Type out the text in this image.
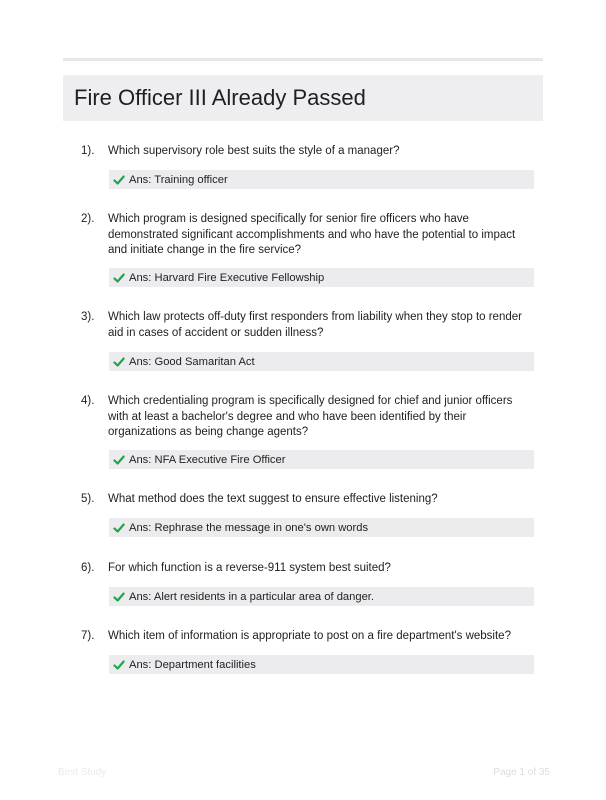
Fire Officer III Already Passed
1). Which supervisory role best suits the style of a manager?
Ans: Training officer
2). Which program is designed specifically for senior fire officers who have demonstrated significant accomplishments and who have the potential to impact and initiate change in the fire service?
Ans: Harvard Fire Executive Fellowship
3). Which law protects off-duty first responders from liability when they stop to render aid in cases of accident or sudden illness?
Ans: Good Samaritan Act
4). Which credentialing program is specifically designed for chief and junior officers with at least a bachelor's degree and who have been identified by their organizations as being change agents?
Ans: NFA Executive Fire Officer
5). What method does the text suggest to ensure effective listening?
Ans: Rephrase the message in one's own words
6). For which function is a reverse-911 system best suited?
Ans: Alert residents in a particular area of danger.
7). Which item of information is appropriate to post on a fire department's website?
Ans: Department facilities
Best Study	Page 1 of 35
